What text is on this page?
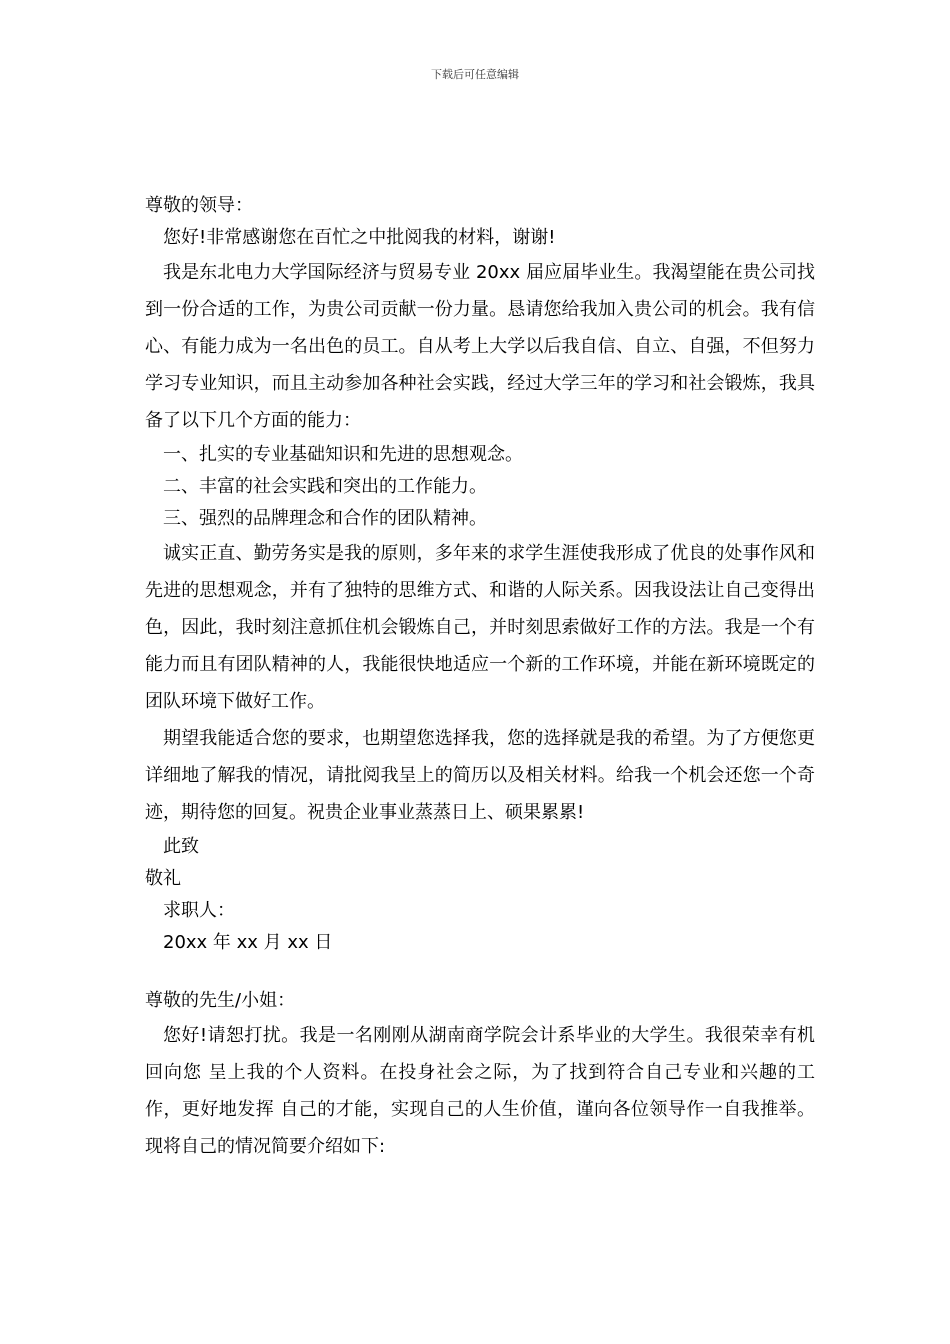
下载后可任意编辑

尊敬的领导：

您好!非常感谢您在百忙之中批阅我的材料，谢谢!

我是东北电力大学国际经济与贸易专业 20xx 届应届毕业生。我渴望能在贵公司找到一份合适的工作，为贵公司贡献一份力量。恳请您给我加入贵公司的机会。我有信心、有能力成为一名出色的员工。自从考上大学以后我自信、自立、自强，不但努力学习专业知识，而且主动参加各种社会实践，经过大学三年的学习和社会锻炼，我具备了以下几个方面的能力：

一、扎实的专业基础知识和先进的思想观念。

二、丰富的社会实践和突出的工作能力。

三、强烈的品牌理念和合作的团队精神。

诚实正直、勤劳务实是我的原则，多年来的求学生涯使我形成了优良的处事作风和先进的思想观念，并有了独特的思维方式、和谐的人际关系。因我设法让自己变得出色，因此，我时刻注意抓住机会锻炼自己，并时刻思索做好工作的方法。我是一个有能力而且有团队精神的人，我能很快地适应一个新的工作环境，并能在新环境既定的团队环境下做好工作。

期望我能适合您的要求，也期望您选择我，您的选择就是我的希望。为了方便您更详细地了解我的情况，请批阅我呈上的简历以及相关材料。给我一个机会还您一个奇迹，期待您的回复。祝贵企业事业蒸蒸日上、硕果累累!

此致

敬礼

求职人：

20xx 年 xx 月 xx 日

尊敬的先生/小姐：

您好!请恕打扰。我是一名刚刚从湖南商学院会计系毕业的大学生。我很荣幸有机回向您 呈上我的个人资料。在投身社会之际，为了找到符合自己专业和兴趣的工作，更好地发挥 自己的才能，实现自己的人生价值，谨向各位领导作一自我推举。 现将自己的情况简要介绍如下:
